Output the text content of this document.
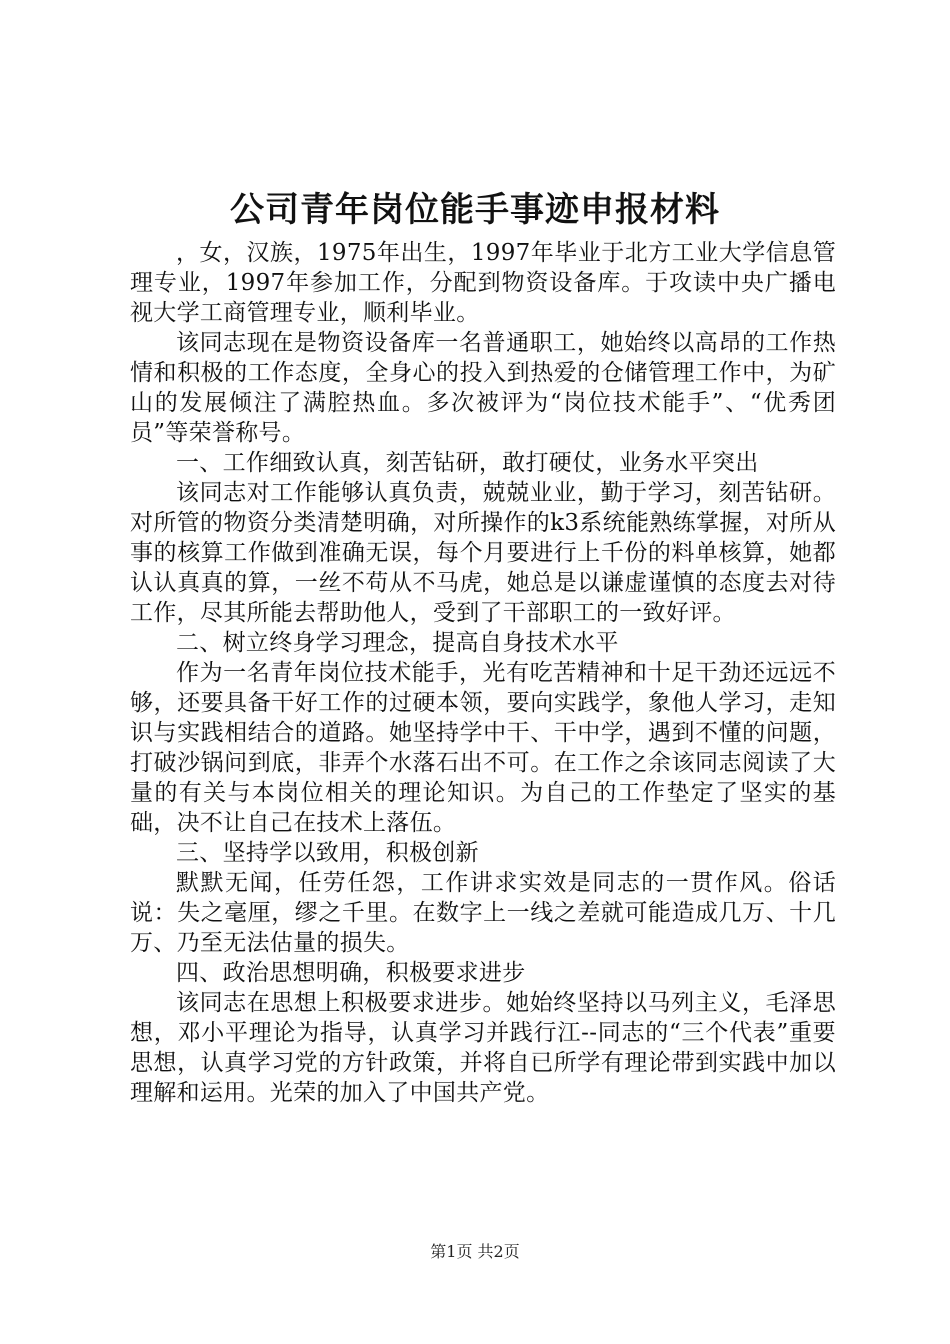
公司青年岗位能手事迹申报材料

，女，汉族，1975年出生，1997年毕业于北方工业大学信息管理专业，1997年参加工作，分配到物资设备库。于攻读中央广播电视大学工商管理专业，顺利毕业。

该同志现在是物资设备库一名普通职工，她始终以高昂的工作热情和积极的工作态度，全身心的投入到热爱的仓储管理工作中，为矿山的发展倾注了满腔热血。多次被评为“岗位技术能手”、“优秀团员”等荣誉称号。

一、工作细致认真，刻苦钻研，敢打硬仗，业务水平突出

该同志对工作能够认真负责，兢兢业业，勤于学习，刻苦钻研。对所管的物资分类清楚明确，对所操作的k3系统能熟练掌握，对所从事的核算工作做到准确无误，每个月要进行上千份的料单核算，她都认认真真的算，一丝不苟从不马虎，她总是以谦虚谨慎的态度去对待工作，尽其所能去帮助他人，受到了干部职工的一致好评。

二、树立终身学习理念，提高自身技术水平

作为一名青年岗位技术能手，光有吃苦精神和十足干劲还远远不够，还要具备干好工作的过硬本领，要向实践学，象他人学习，走知识与实践相结合的道路。她坚持学中干、干中学，遇到不懂的问题，打破沙锅问到底，非弄个水落石出不可。在工作之余该同志阅读了大量的有关与本岗位相关的理论知识。为自己的工作垫定了坚实的基础，决不让自己在技术上落伍。

三、坚持学以致用，积极创新

默默无闻，任劳任怨，工作讲求实效是同志的一贯作风。俗话说：失之毫厘，缪之千里。在数字上一线之差就可能造成几万、十几万、乃至无法估量的损失。

四、政治思想明确，积极要求进步

该同志在思想上积极要求进步。她始终坚持以马列主义，毛泽思想，邓小平理论为指导，认真学习并践行江--同志的“三个代表”重要思想，认真学习党的方针政策，并将自已所学有理论带到实践中加以理解和运用。光荣的加入了中国共产党。

第1页 共2页
